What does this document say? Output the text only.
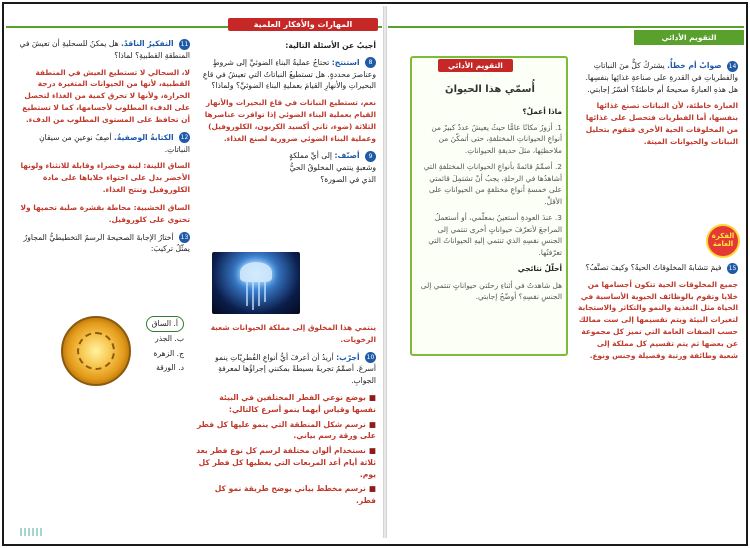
المهارات والأفكار العلمية
أجيبُ عن الأسئلة التالية:
8 استنتج: تحتاجُ عمليةُ البناءِ الضوئيِّ إلى شروطٍ وعناصرَ محددةٍ. هل تستطيعُ النباتاتُ التي تعيشُ في قاعِ البحيراتِ والأنهارِ القيامَ بعمليةِ البناءِ الضوئيِّ؟ ولماذا؟
نعم، تستطيع النباتات في قاع البحيرات والأنهار القيام بعملية البناء الضوئي إذا توافرت عناصرها الثلاثة (ضوء، ثاني أكسيد الكربون، الكلوروفيل) وعملية البناء الضوئي ضرورية لصنع الغذاء.
9 أصنّف: إلى أيِّ مملكةٍ وشعبةٍ ينتمي المخلوقُ الحيُّ الذي في الصورة؟
ينتمي هذا المخلوق إلى مملكة الحيوانات شعبة الرخويات.
10 أجرّب: أريدُ أن أعرفَ أيُّ أنواعِ الفُطرِيّاتِ ينمو أسرعَ. أصمِّمُ تجربةً بسيطةً بمكنني إجراؤُها لمعرفةِ الجوابِ.
■بوضع نوعي الفطر المختلفين في البيئة نفسها وقياس أيهما ينمو أسرع كالتالي:
■نرسم شكل المنطقة التي ينمو عليها كل فطر على ورقة رسم بياني.
■نستخدام ألوان مختلفة لرسم كل نوع فطر بعد ثلاثة أيام أعد المربعات التي يغطيها كل فطر كل يوم.
■نرسم مخطط بياني يوضح طريقة نمو كل فطر.
11 التفكيرُ الناقدُ. هل يمكنُ للسحليةِ أن تعيشَ في المنطقةِ القطبيةِ؟ لماذا؟
لا، السحالي لا تستطيع العيش في المنطقة القطبية، لأنها من الحيوانات المتغيرة درجة الحرارة، ولأنها لا تحرق كمية من الغذاء لتحصل على الدفء المطلوب لأجسامها، كما لا تستطيع أن تحافظ على المستوى المطلوب من الدفء.
12 الكتابةُ الوصفيةُ. أصِفُ نوعينِ من سيقانِ النباتاتِ.
الساق اللينة: لينة وخضراء وقابلة للانثناء ولونها الأخضر بدل على احتواء خلاياها على مادة الكلوروفيل وتنتج الغذاء.
الساق الخشبية: محاطة بقشرة صلبة تحميها ولا تحتوي على كلوروفيل.
13 أختارُ الإجابةَ الصحيحةَ الرسمُ التخطيطيُّ المجاورُ يمثّلُ تركيبَ:
أ. الساق
ب. الجذر
ج. الزهرة
د. الورقة
التقويم الأدائي
التقويم الأدائي
أُسمّي هذا الحيوانَ
ماذا أعملُ؟
1. أزورُ مكانًا عامًّا حيثُ يعيشُ عددٌ كبيرٌ من أنواعِ الحيواناتِ المختلفةِ، حتى أتمكّنَ من ملاحظتِها، مثلَ حديقةِ الحيواناتِ.
2. أصمِّمُ قائمةً بأنواعِ الحيواناتِ المختلفةِ التي أشاهدُها في الرحلةِ، يجبُ أنْ تشتمِلَ قائمتي على خمسةِ أنواعِ مختلفةٍ من الحيواناتِ على الأقلِّ.
3. عندَ العودةِ أستعينُ بمعلّمي، أو أستعملُ المراجعَ لأتعرّفَ حيواناتٍ أخرى تنتمي إلى الجنسِ نفسِهِ الذي تنتمي إليهِ الحيواناتُ التي تعرّفتُها.
أحلّلُ نتائجي
هل شاهدتُ في أثناءِ رحلتي حيواناتٍ تنتمي إلى الجنسِ نفسِهِ؟ أوضّحُ إجابتي.
14 صوابٌ أم خطأٌ. يشتركُ كلٌّ منَ النباتاتِ والفطرياتِ في القدرةِ على صناعةِ غذائِها بنفسِها. هل هذهِ العبارةُ صحيحةٌ أم خاطئةٌ؟ أفسّرُ إجابتي.
العبارة خاطئة، لأن النباتات تصنع غذائها بنفسها، أما الفطريات فتحصل على غذائها من المخلوقات الحية الأخرى فتقوم بتحليل النباتات والحيوانات الميتة.
الفكرة العامة
15 فيمَ تتشابهُ المخلوقاتُ الحيةُ؟ وكيفَ تصنَّفُ؟
جميع المخلوقات الحية تتكون أجسامها من خلايا وتقوم بالوظائف الحيوية الأساسية في الحياة مثل التغذية والنمو والتكاثر والاستجابة لتغيرات البيئة ويتم تقسيمها إلى ست ممالك حسب الصفات العامة التي تميز كل مجموعة عن بعضها ثم يتم تقسيم كل مملكة إلى شعبة وطائفة ورتبة وفصيلة وجنس ونوع.
